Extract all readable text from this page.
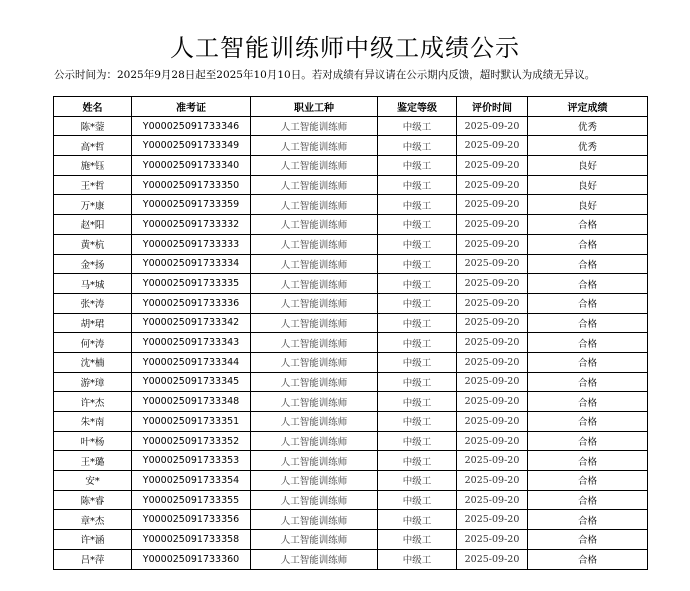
人工智能训练师中级工成绩公示
公示时间为：2025年9月28日起至2025年10月10日。若对成绩有异议请在公示期内反馈，超时默认为成绩无异议。
姓名	准考证	职业工种	鉴定等级	评价时间	评定成绩
陈*蓥	Y000025091733346	人工智能训练师	中级工	2025-09-20	优秀
高*哲	Y000025091733349	人工智能训练师	中级工	2025-09-20	优秀
施*钰	Y000025091733340	人工智能训练师	中级工	2025-09-20	良好
王*哲	Y000025091733350	人工智能训练师	中级工	2025-09-20	良好
万*康	Y000025091733359	人工智能训练师	中级工	2025-09-20	良好
赵*阳	Y000025091733332	人工智能训练师	中级工	2025-09-20	合格
黄*杭	Y000025091733333	人工智能训练师	中级工	2025-09-20	合格
金*扬	Y000025091733334	人工智能训练师	中级工	2025-09-20	合格
马*城	Y000025091733335	人工智能训练师	中级工	2025-09-20	合格
张*涛	Y000025091733336	人工智能训练师	中级工	2025-09-20	合格
胡*珺	Y000025091733342	人工智能训练师	中级工	2025-09-20	合格
何*涛	Y000025091733343	人工智能训练师	中级工	2025-09-20	合格
沈*楠	Y000025091733344	人工智能训练师	中级工	2025-09-20	合格
游*璋	Y000025091733345	人工智能训练师	中级工	2025-09-20	合格
许*杰	Y000025091733348	人工智能训练师	中级工	2025-09-20	合格
朱*南	Y000025091733351	人工智能训练师	中级工	2025-09-20	合格
叶*杨	Y000025091733352	人工智能训练师	中级工	2025-09-20	合格
王*璐	Y000025091733353	人工智能训练师	中级工	2025-09-20	合格
安*	Y000025091733354	人工智能训练师	中级工	2025-09-20	合格
陈*睿	Y000025091733355	人工智能训练师	中级工	2025-09-20	合格
章*杰	Y000025091733356	人工智能训练师	中级工	2025-09-20	合格
许*涵	Y000025091733358	人工智能训练师	中级工	2025-09-20	合格
吕*萍	Y000025091733360	人工智能训练师	中级工	2025-09-20	合格
